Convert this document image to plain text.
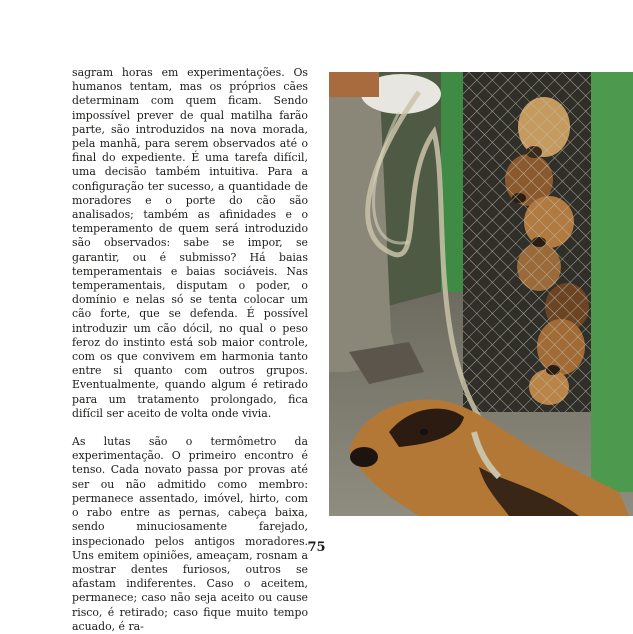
sagram horas em experimentações. Os humanos tentam, mas os próprios cães determinam com quem ficam. Sendo impossível prever de qual matilha farão parte, são introduzidos na nova morada, pela manhã, para serem observados até o final do expediente. É uma tarefa difícil, uma decisão também intuitiva. Para a configuração ter sucesso, a quantidade de moradores e o porte do cão são analisados; também as afinidades e o temperamento de quem será introduzido são observados: sabe se impor, se garantir, ou é submisso? Há baias temperamentais e baias sociáveis. Nas temperamentais, disputam o poder, o domínio e nelas só se tenta colocar um cão forte, que se defenda. É possível introduzir um cão dócil, no qual o peso feroz do instinto está sob maior controle, com os que convivem em harmonia tanto entre si quanto com outros grupos. Eventualmente, quando algum é retirado para um tratamento prolongado, fica difícil ser aceito de volta onde vivia.

As lutas são o termômetro da experimentação. O primeiro encontro é tenso. Cada novato passa por provas até ser ou não admitido como membro: permanece assentado, imóvel, hirto, com o rabo entre as pernas, cabeça baixa, sendo minuciosamente farejado, inspecionado pelos antigos moradores. Uns emitem opiniões, ameaçam, rosnam a mostrar dentes furiosos, outros se afastam indiferentes. Caso o aceitem, permanece; caso não seja aceito ou cause risco, é retirado; caso fique muito tempo acuado, é ra-

75
